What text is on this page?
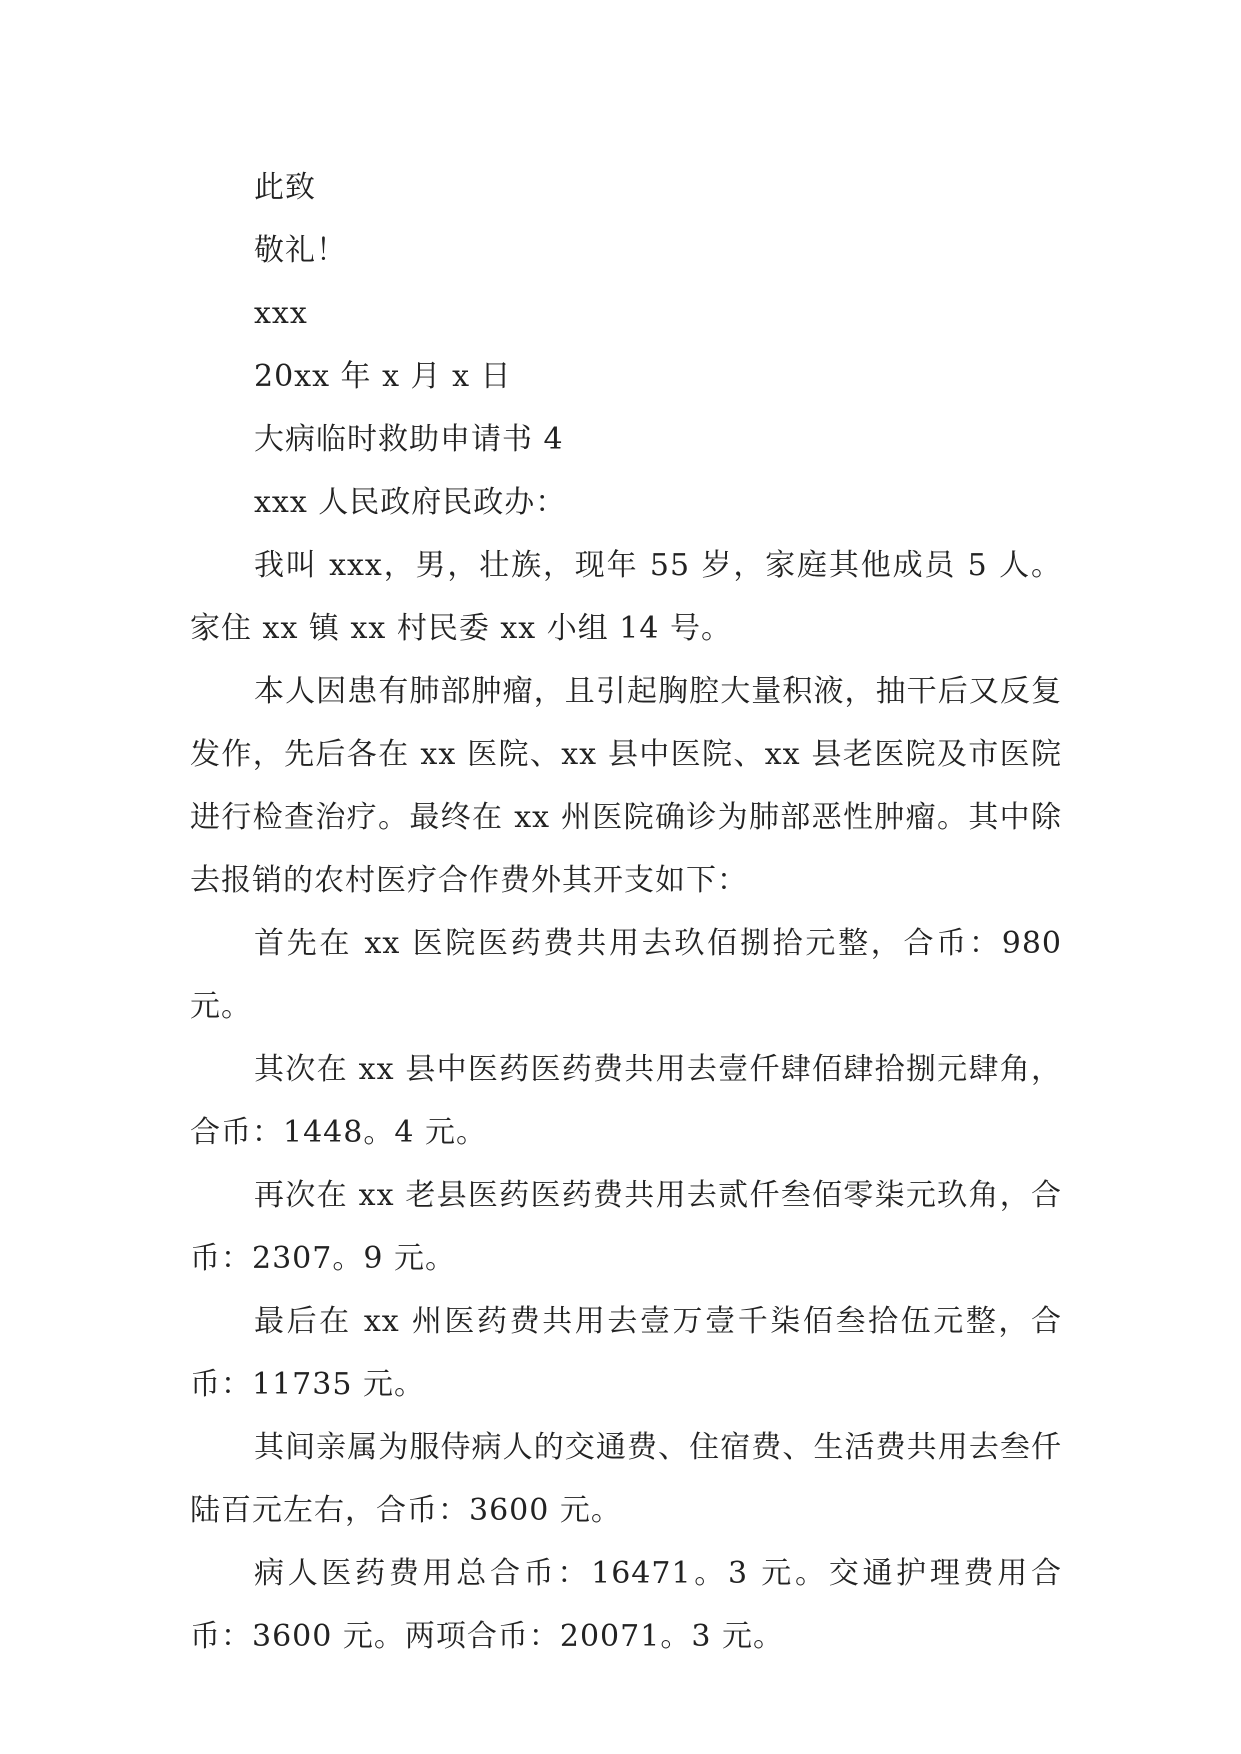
此致

敬礼！

xxx

20xx 年 x 月 x 日

大病临时救助申请书 4

xxx 人民政府民政办：

我叫 xxx，男，壮族，现年 55 岁，家庭其他成员 5 人。家住 xx 镇 xx 村民委 xx 小组 14 号。

本人因患有肺部肿瘤，且引起胸腔大量积液，抽干后又反复发作，先后各在 xx 医院、xx 县中医院、xx 县老医院及市医院进行检查治疗。最终在 xx 州医院确诊为肺部恶性肿瘤。其中除去报销的农村医疗合作费外其开支如下：

首先在 xx 医院医药费共用去玖佰捌拾元整，合币：980 元。

其次在 xx 县中医药医药费共用去壹仟肆佰肆拾捌元肆角，合币：1448。4 元。

再次在 xx 老县医药医药费共用去贰仟叁佰零柒元玖角，合币：2307。9 元。

最后在 xx 州医药费共用去壹万壹千柒佰叁拾伍元整，合币：11735 元。

其间亲属为服侍病人的交通费、住宿费、生活费共用去叁仟陆百元左右，合币：3600 元。

病人医药费用总合币：16471。3 元。交通护理费用合币：3600 元。两项合币：20071。3 元。
